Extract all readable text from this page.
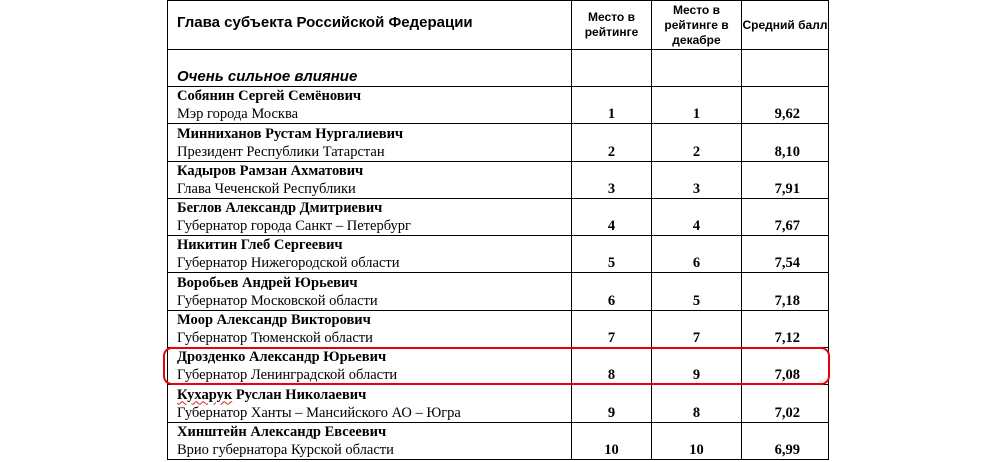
Глава субъекта Российской Федерации	Место в рейтинге	Место в рейтинге в декабре	Средний балл
Очень сильное влияние			

Собянин Сергей Семёнович
Мэр города Москва	1	1	9,62

Минниханов Рустам Нургалиевич
Президент Республики Татарстан	2	2	8,10

Кадыров Рамзан Ахматович
Глава Чеченской Республики	3	3	7,91

Беглов Александр Дмитриевич
Губернатор города Санкт – Петербург	4	4	7,67

Никитин Глеб Сергеевич
Губернатор Нижегородской области	5	6	7,54

Воробьев Андрей Юрьевич
Губернатор Московской области	6	5	7,18

Моор Александр Викторович
Губернатор Тюменской области	7	7	7,12

Дрозденко Александр Юрьевич
Губернатор Ленинградской области	8	9	7,08

Кухарук Руслан Николаевич
Губернатор Ханты – Мансийского АО – Югра	9	8	7,02

Хинштейн Александр Евсеевич
Врио губернатора Курской области	10	10	6,99
